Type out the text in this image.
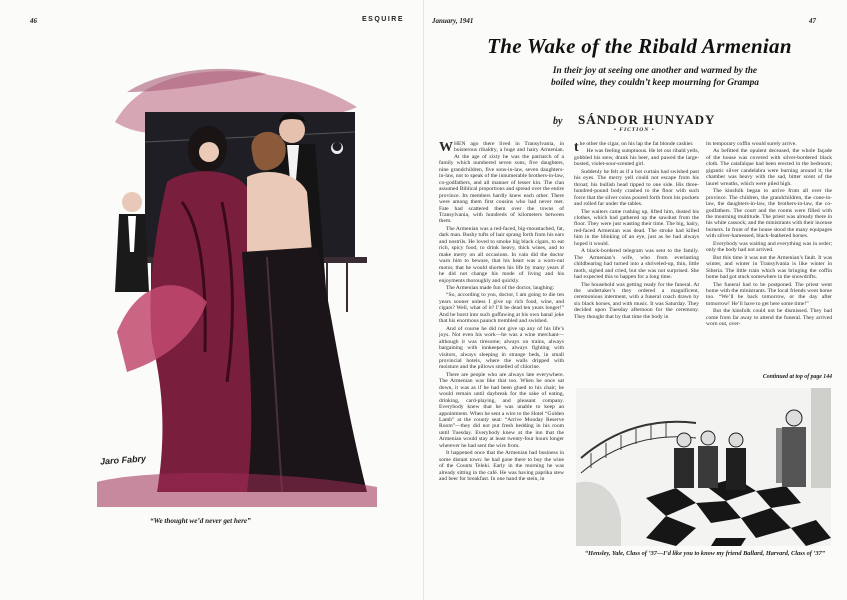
46	ESQUIRE
Jaro Fabry
“We thought we’d never get here”
January, 1941	47
The Wake of the Ribald Armenian
In their joy at seeing one another and warmed by the boiled wine, they couldn’t keep mourning for Grampa
by SÁNDOR HUNYADY
• FICTION •

WHEN ago there lived in Transylvania, in boisterous ribaldry, a huge and hairy Armenian. At the age of sixty he was the patriarch of a family which numbered seven sons, five daughters, nine grandchildren, five sons-in-law, seven daughters-in-law, not to speak of the innumerable brothers-in-law, co-godfathers, and all manner of lesser kin. The clan assumed Biblical proportions and spread over the entire province. Its members hardly knew each other. There were among them first cousins who had never met. Fate had scattered them over the towns of Transylvania, with hundreds of kilometers between them.

The Armenian was a red-faced, big-moustached, fat, dark man. Bushy tufts of hair sprang forth from his ears and nostrils. He loved to smoke big black cigars, to eat rich, spicy food, to drink heavy, thick wines, and to make merry on all occasions. In vain did the doctor warn him to beware, that his heart was a worn-out motor, that he would shorten his life by many years if he did not change his mode of living and his enjoyments thoroughly and quickly.

The Armenian made fun of the doctor, laughing:

“So, according to you, doctor, I am going to die ten years sooner unless I give up rich food, wine, and cigars? Well, what of it? I’ll be dead ten years longer!” And he burst into such guffawing at his own banal joke that his enormous paunch trembled and swished.

And of course he did not give up any of his life’s joys. Not even his work—he was a wine merchant—although it was tiresome; always on trains, always bargaining with innkeepers, always fighting with visitors, always sleeping in strange beds, in small provincial hotels, where the walls dripped with moisture and the pillows smelled of chlorine.

There are people who are always late everywhere. The Armenian was like that too. When he once sat down, it was as if he had been glued to his chair; he would remain until daybreak for the sake of eating, drinking, card-playing, and pleasant company. Everybody knew that he was unable to keep an appointment. When he sent a wire to the Hotel “Golden Lamb” at the county seat: “Arrive Monday Reserve Room”—they did not put fresh bedding in his room until Tuesday. Everybody knew at the inn that the Armenian would stay at least twenty-four hours longer wherever he had sent the wire from.

It happened once that the Armenian had business in some distant town: he had gone there to buy the wine of the Counts Teleki. Early in the morning he was already sitting in the café. He was having paprika stew and beer for breakfast. In one hand the stein, in

the other the cigar, on his lap the fat blonde cashier.

He was feeling sumptuous. He let out ribald yells, gobbled his stew, drank his beer, and pawed the large-busted, violet-sour-scented girl.

Suddenly he felt as if a hot curtain had swished past his eyes. The merry yell could not escape from his throat; his bullish head tipped to one side. His three-hundred-pound body crashed to the floor with such force that the silver coins poured forth from his pockets and rolled far under the tables.

The waiters came rushing up, lifted him, dusted his clothes, which had gathered up the sawdust from the floor. They were just wasting their time. The big, hairy, red-faced Armenian was dead. The stroke had killed him in the blinking of an eye, just as he had always hoped it would.

A black-bordered telegram was sent to the family. The Armenian’s wife, who from everlasting childbearing had turned into a shriveled-up, thin, little moth, sighed and cried, but she was not surprised. She had expected this to happen for a long time.

The household was getting ready for the funeral. At the undertaker’s they ordered a magnificent, ceremonious interment, with a funeral coach drawn by six black horses, and with music. It was Saturday. They decided upon Tuesday afternoon for the ceremony. They thought that by that time the body in

its temporary coffin would surely arrive.

As befitted the opulent deceased, the whole façade of the house was covered with silver-bordered black cloth. The catafalque had been erected in the bedroom; gigantic silver candelabra were burning around it; the chamber was heavy with the sad, bitter scent of the laurel wreaths, which were piled high.

The kinsfolk began to arrive from all over the province. The children, the grandchildren, the cone-in-law, the daughters-in-law, the brothers-in-law, the co-godfathers. The court and the rooms were filled with the mourning multitude. The priest was already there in his white cassock; and the ministrants with their incense burners. In front of the house stood the many equipages with silver-harnessed, black-feathered horses.

Everybody was waiting and everything was in order; only the body had not arrived.

But this time it was not the Armenian’s fault. It was winter, and winter in Transylvania is like winter in Siberia. The little train which was bringing the coffin home had got stuck somewhere in the snowdrifts.

The funeral had to be postponed. The priest went home with the ministrants. The local friends went home too. “We’ll be back tomorrow, or the day after tomorrow! He’ll have to get here some time!”

But the kinsfolk could not be dismissed. They had come from far away to attend the funeral. They arrived worn out, over-

Continued at top of page 144
“Hensley, Yale, Class of ’37—I’d like you to know my friend Ballard, Harvard, Class of ’37”
